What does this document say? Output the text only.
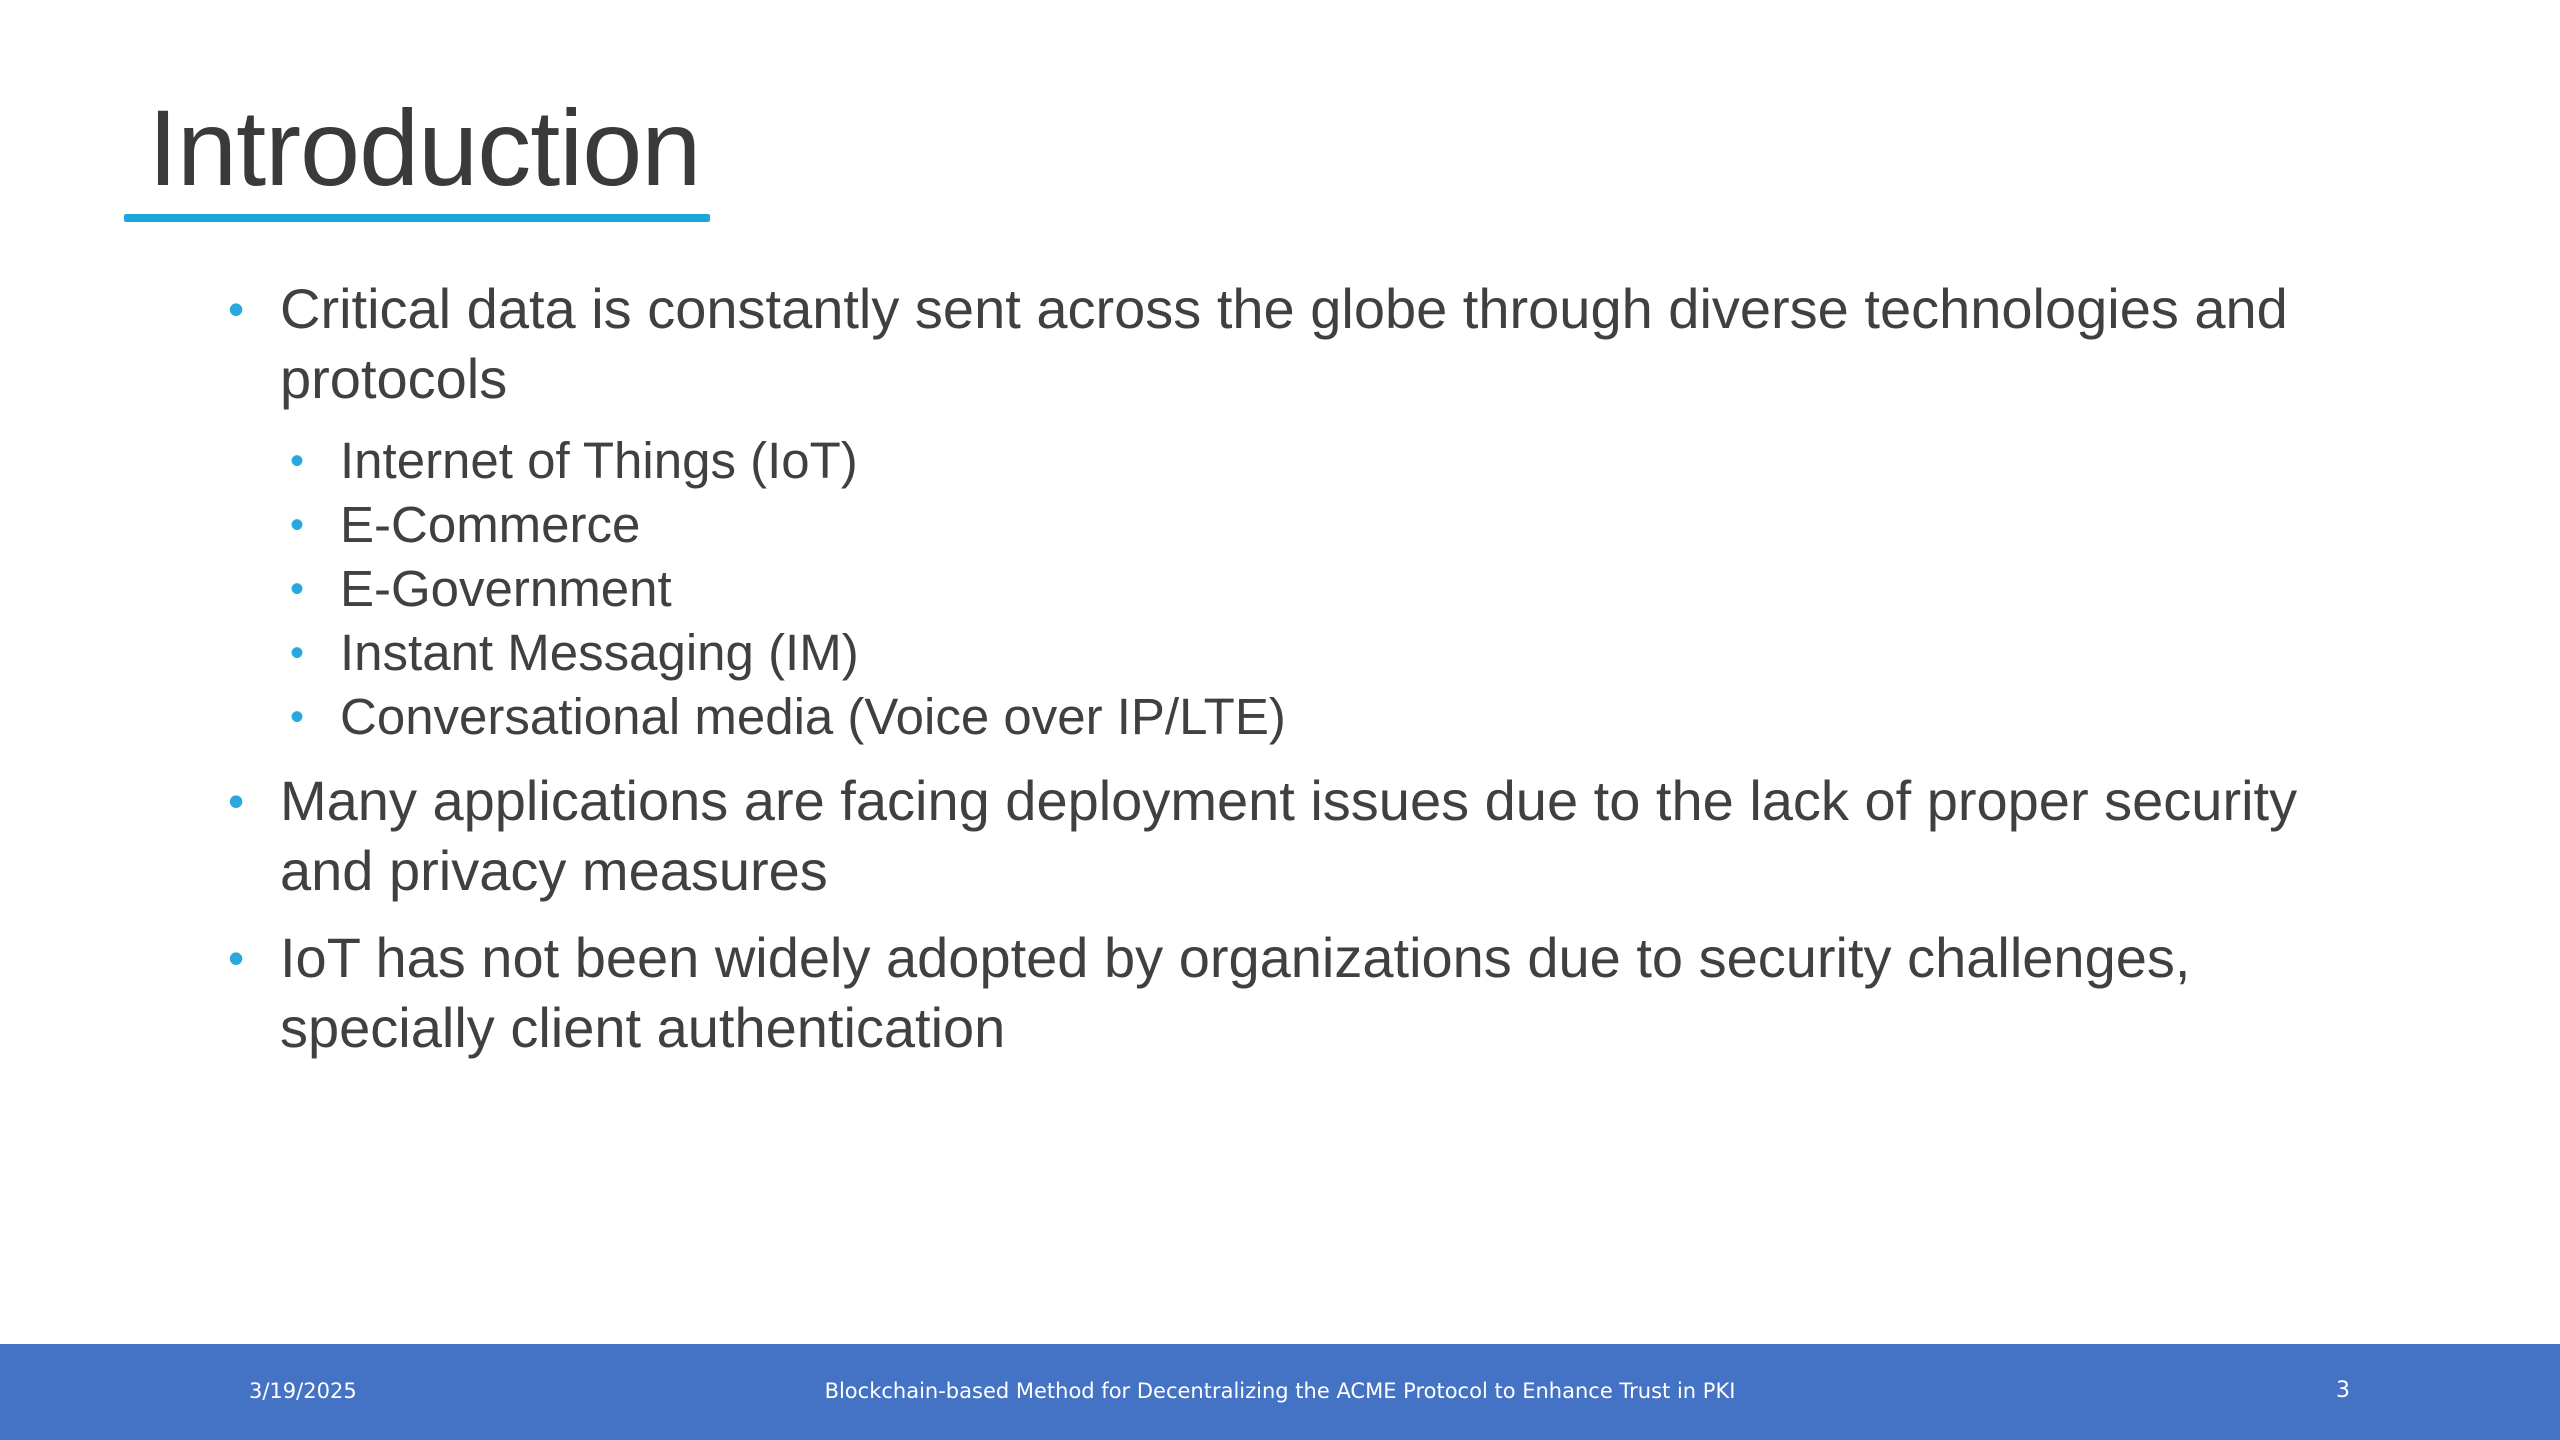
Introduction
• Critical data is constantly sent across the globe through diverse technologies and protocols
• Internet of Things (IoT)
• E-Commerce
• E-Government
• Instant Messaging (IM)
• Conversational media (Voice over IP/LTE)
• Many applications are facing deployment issues due to the lack of proper security and privacy measures
• IoT has not been widely adopted by organizations due to security challenges, specially client authentication
3/19/2025	Blockchain-based Method for Decentralizing the ACME Protocol to Enhance Trust in PKI	3
